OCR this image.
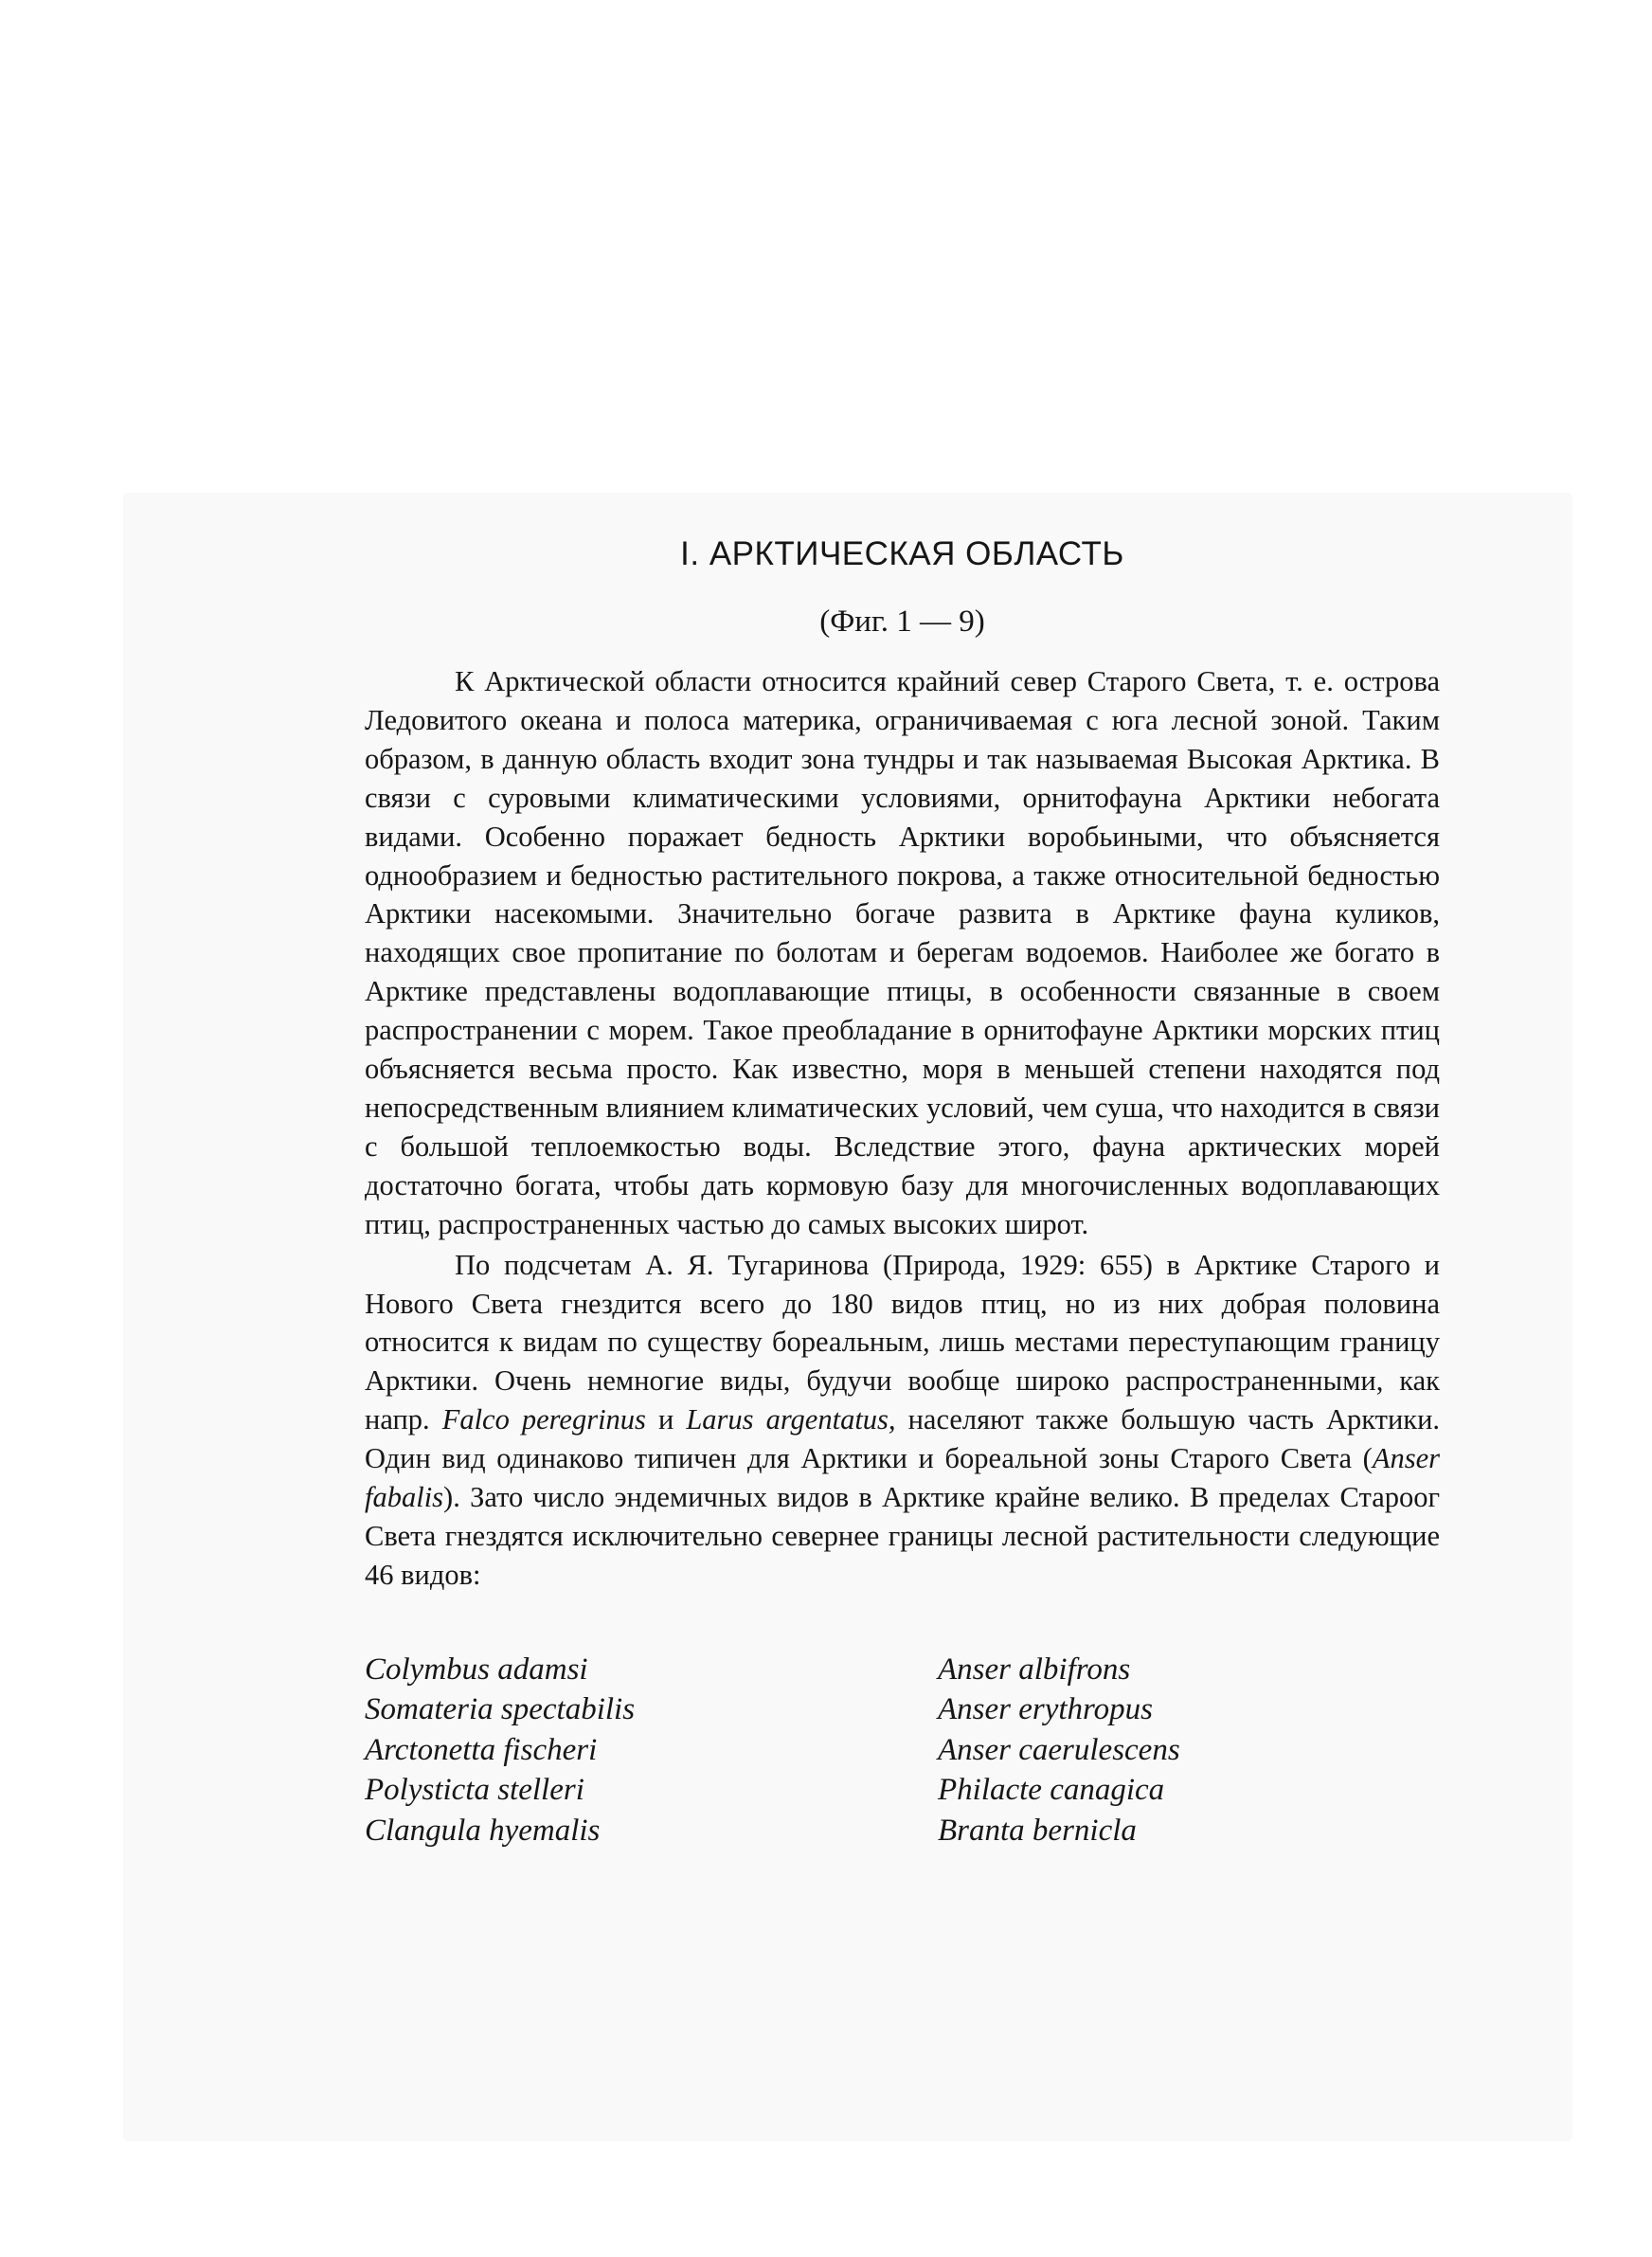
I. АРКТИЧЕСКАЯ ОБЛАСТЬ
(Фиг. 1 — 9)

К Арктической области относится крайний север Старого Света, т. е. острова Ледовитого океана и полоса материка, ограничиваемая с юга лесной зоной. Таким образом, в данную область входит зона тундры и так называемая Высокая Арктика. В связи с суровыми климатическими условиями, орнитофауна Арктики небогата видами. Особенно поражает бедность Арктики воробьиными, что объясняется однообразием и бедностью растительного покрова, а также относительной бедностью Арктики насекомыми. Значительно богаче развита в Арктике фауна куликов, находящих свое пропитание по болотам и берегам водоемов. Наиболее же богато в Арктике представлены водоплавающие птицы, в особенности связанные в своем распространении с морем. Такое преобладание в орнитофауне Арктики морских птиц объясняется весьма просто. Как известно, моря в меньшей степени находятся под непосредственным влиянием климатических условий, чем суша, что находится в связи с большой теплоемкостью воды. Вследствие этого, фауна арктических морей достаточно богата, чтобы дать кормовую базу для многочисленных водоплавающих птиц, распространенных частью до самых высоких широт.

По подсчетам А. Я. Тугаринова (Природа, 1929: 655) в Арктике Старого и Нового Света гнездится всего до 180 видов птиц, но из них добрая половина относится к видам по существу бореальным, лишь местами переступающим границу Арктики. Очень немногие виды, будучи вообще широко распространенными, как напр. Falco peregrinus и Larus argentatus, населяют также большую часть Арктики. Один вид одинаково типичен для Арктики и бореальной зоны Старого Света (Anser fabalis). Зато число эндемичных видов в Арктике крайне велико. В пределах Староог Света гнездятся исключительно севернее границы лесной растительности следующие 46 видов:

Colymbus adamsi
Somateria spectabilis
Arctonetta fischeri
Polysticta stelleri
Clangula hyemalis
Anser albifrons
Anser erythropus
Anser caerulescens
Philacte canagica
Branta bernicla
